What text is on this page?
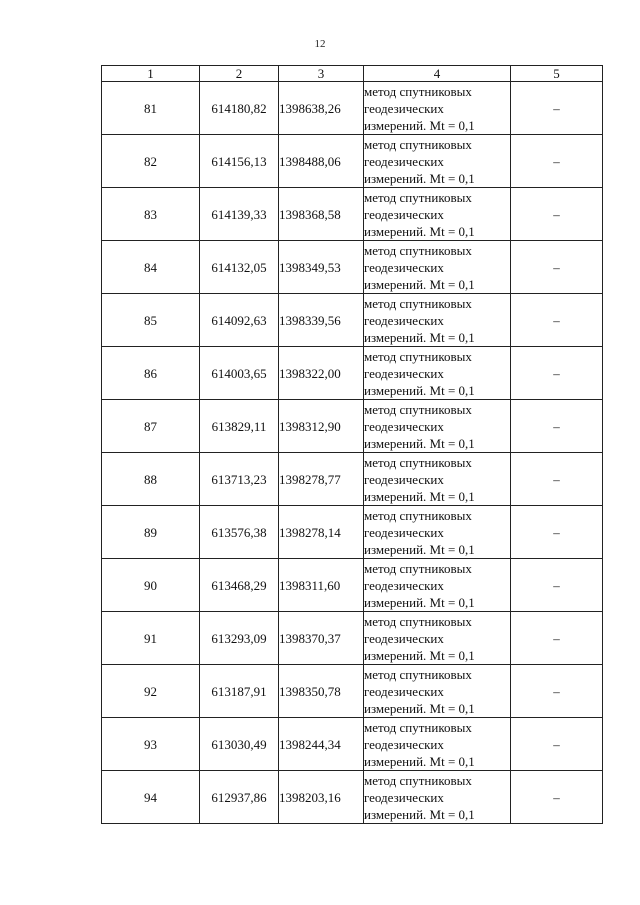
12
1	2	3	4	5
81	614180,82	1398638,26	метод спутниковых
геодезических
измерений. Mt = 0,1	–
82	614156,13	1398488,06	метод спутниковых
геодезических
измерений. Mt = 0,1	–
83	614139,33	1398368,58	метод спутниковых
геодезических
измерений. Mt = 0,1	–
84	614132,05	1398349,53	метод спутниковых
геодезических
измерений. Mt = 0,1	–
85	614092,63	1398339,56	метод спутниковых
геодезических
измерений. Mt = 0,1	–
86	614003,65	1398322,00	метод спутниковых
геодезических
измерений. Mt = 0,1	–
87	613829,11	1398312,90	метод спутниковых
геодезических
измерений. Mt = 0,1	–
88	613713,23	1398278,77	метод спутниковых
геодезических
измерений. Mt = 0,1	–
89	613576,38	1398278,14	метод спутниковых
геодезических
измерений. Mt = 0,1	–
90	613468,29	1398311,60	метод спутниковых
геодезических
измерений. Mt = 0,1	–
91	613293,09	1398370,37	метод спутниковых
геодезических
измерений. Mt = 0,1	–
92	613187,91	1398350,78	метод спутниковых
геодезических
измерений. Mt = 0,1	–
93	613030,49	1398244,34	метод спутниковых
геодезических
измерений. Mt = 0,1	–
94	612937,86	1398203,16	метод спутниковых
геодезических
измерений. Mt = 0,1	–
